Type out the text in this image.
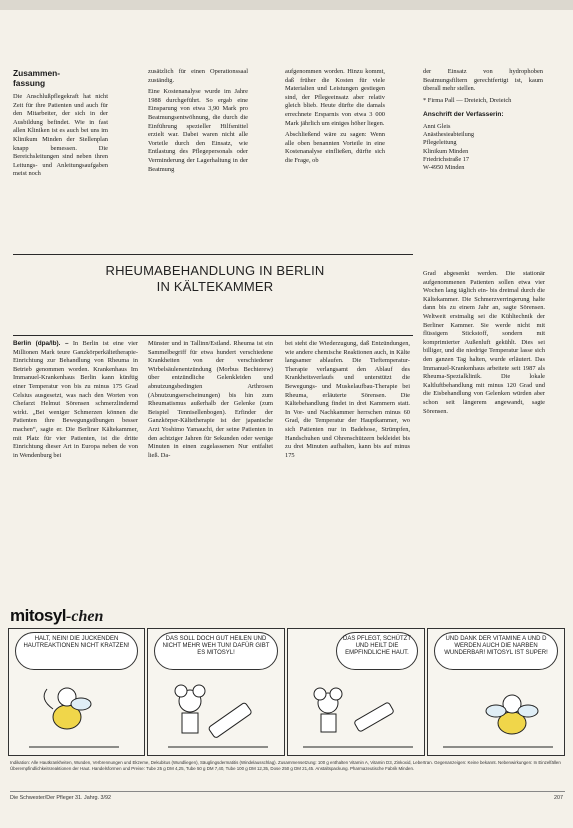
Zusammen-
fassung

Die Anschlußpflegekraft hat nicht Zeit für ihre Patienten und auch für den Mitarbeiter, der sich in der Ausbildung befindet. Wie in fast allen Kliniken ist es auch bei uns im Klinikum Minden der Stellenplan knapp bemessen. Die Bereichsleitungen sind neben ihren Leitungs- und Anleitungsaufgaben meist noch

zusätzlich für einen Operationssaal zuständig.

Eine Kostenanalyse wurde im Jahre 1988 durchgeführt. So ergab eine Einsparung von etwa 3,90 Mark pro Beatmungsentwöhnung, die durch die Einführung spezieller Hilfsmittel erzielt war. Dabei waren nicht alle Vorteile durch den Einsatz, wie Entlastung des Pflegepersonals oder Verminderung der Lagerhaltung in der Beatmung

aufgenommen worden. Hinzu kommt, daß früher die Kosten für viele Materialien und Leistungen gestiegen sind, der Pflegeeinsatz aber relativ gleich blieb. Heute dürfte die damals errechnete Ersparnis von etwa 3 000 Mark jährlich um einiges höher liegen.

Abschließend wäre zu sagen: Wenn alle oben benannten Vorteile in eine Kostenanalyse einfließen, dürfte sich die Frage, ob

der Einsatz von hydrophoben Beatmungsfiltern gerechtfertigt ist, kaum überall mehr stellen.

* Firma Pall — Dreieich, Dreieich

Anschrift der Verfasserin:
Anni Gleis
Anästhesieabteilung
Pflegeleitung
Klinikum Minden
Friedrichstraße 17
W-4950 Minden
RHEUMABEHANDLUNG IN BERLIN
IN KÄLTEKAMMER

Berlin (dpa/lb). – In Berlin ist eine vier Millionen Mark teure Ganzkörperkältetherapie-Einrichtung zur Behandlung von Rheuma in Betrieb genommen worden. Krankenhaus Im Immanuel-Krankenhaus Berlin kann künftig einer Temperatur von bis zu minus 175 Grad Celsius ausgesetzt, was nach den Worten von Chefarzt Helmut Sörensen schmerzlindernd wirkt. „Bei weniger Schmerzen können die Patienten ihre Bewegungsübungen besser machen“, sagte er. Die Berliner Kältekammer, mit Platz für vier Patienten, ist die dritte Einrichtung dieser Art in Europa neben de von in Wendenburg bei

Münster und in Tallinn/Estland. Rheuma ist ein Sammelbegriff für etwa hundert verschiedene Krankheiten von der verschiedener Wirbelsäulenentzündung (Morbus Bechterew) über entzündliche Gelenkleiden und abnutzungsbedingten Arthrosen (Abnutzungserscheinungen) bis hin zum Rheumatismus außerhalb der Gelenke (zum Beispiel Tennisellenbogen). Erfinder der Ganzkörper-Kältetherapie ist der japanische Arzt Yoshimo Yamauchi, der seine Patienten in den achtziger Jahren für Sekunden oder wenige Minuten in einen zugelassenen Nur entfaltet ließ. Da-

bei steht die Wiederzugung, daß Entzündungen, wie andere chemische Reaktionen auch, in Kälte langsamer ablaufen. Die Tieftemperatur-Therapie verlangsamt den Ablauf des Krankheitsverlaufs und unterstützt die Bewegungs- und Muskelaufbau-Therapie bei Rheuma, erläuterte Sörensen. Die Kältebehandlung findet in drei Kammern statt. In Vor- und Nachkammer herrschen minus 60 Grad, die Temperatur der Hauptkammer, wo sich Patienten nur in Badehose, Strümpfen, Handschuhen und Ohrenschützern bekleidet bis zu drei Minuten aufhalten, kann bis auf minus 175

Grad abgesenkt werden. Die stationär aufgenommenen Patienten sollen etwa vier Wochen lang täglich ein- bis dreimal durch die Kältekammer. Die Schmerzverringerung halte dann bis zu einem Jahr an, sagte Sörensen. Weltweit erstmalig sei die Kühltechnik der Berliner Kammer. Sie werde nicht mit flüssigem Stickstoff, sondern mit komprimierter Außenluft gekühlt. Dies sei billiger, und die niedrige Temperatur lasse sich den ganzen Tag halten, wurde erläutert. Das Immanuel-Krankenhaus arbeitete seit 1987 als Rheuma-Spezialklinik. Die lokale Kaltluftbehandlung mit minus 120 Grad und die Eisbehandlung von Gelenken würden aber schon seit längerem angewandt, sagte Sörensen.

mitosyl-chen
HALT, NEIN! DIE JUCKENDEN HAUTREAKTIONEN NICHT KRATZEN!
DAS SOLL DOCH GUT HEILEN UND NICHT MEHR WEH TUN! DAFÜR GIBT ES MITOSYL!
DAS PFLEGT, SCHÜTZT UND HEILT DIE EMPFINDLICHE HAUT.
UND DANK DER VITAMINE A UND D WERDEN AUCH DIE NARBEN WUNDERBAR! MITOSYL IST SUPER!
Indikation: Alle Hautkrankheiten, Wunden, Verbrennungen und Ekzeme, Dekubitus (Wundliegen), Säuglingsdermatitis (Windelausschlag). Zusammensetzung: 100 g enthalten Vitamin A, Vitamin D3, Zinkoxid, Lebertran. Gegenanzeigen: Keine bekannt. Nebenwirkungen: In Einzelfällen Überempfindlichkeitsreaktionen der Haut. Handelsformen und Preise: Tube 25 g DM 4,25, Tube 50 g DM 7,40, Tube 100 g DM 12,35, Dose 250 g DM 21,45. Anstaltspackung. Pharmazeutische Fabrik Minden.
Die Schwester/Der Pfleger 31. Jahrg. 3/92	207
